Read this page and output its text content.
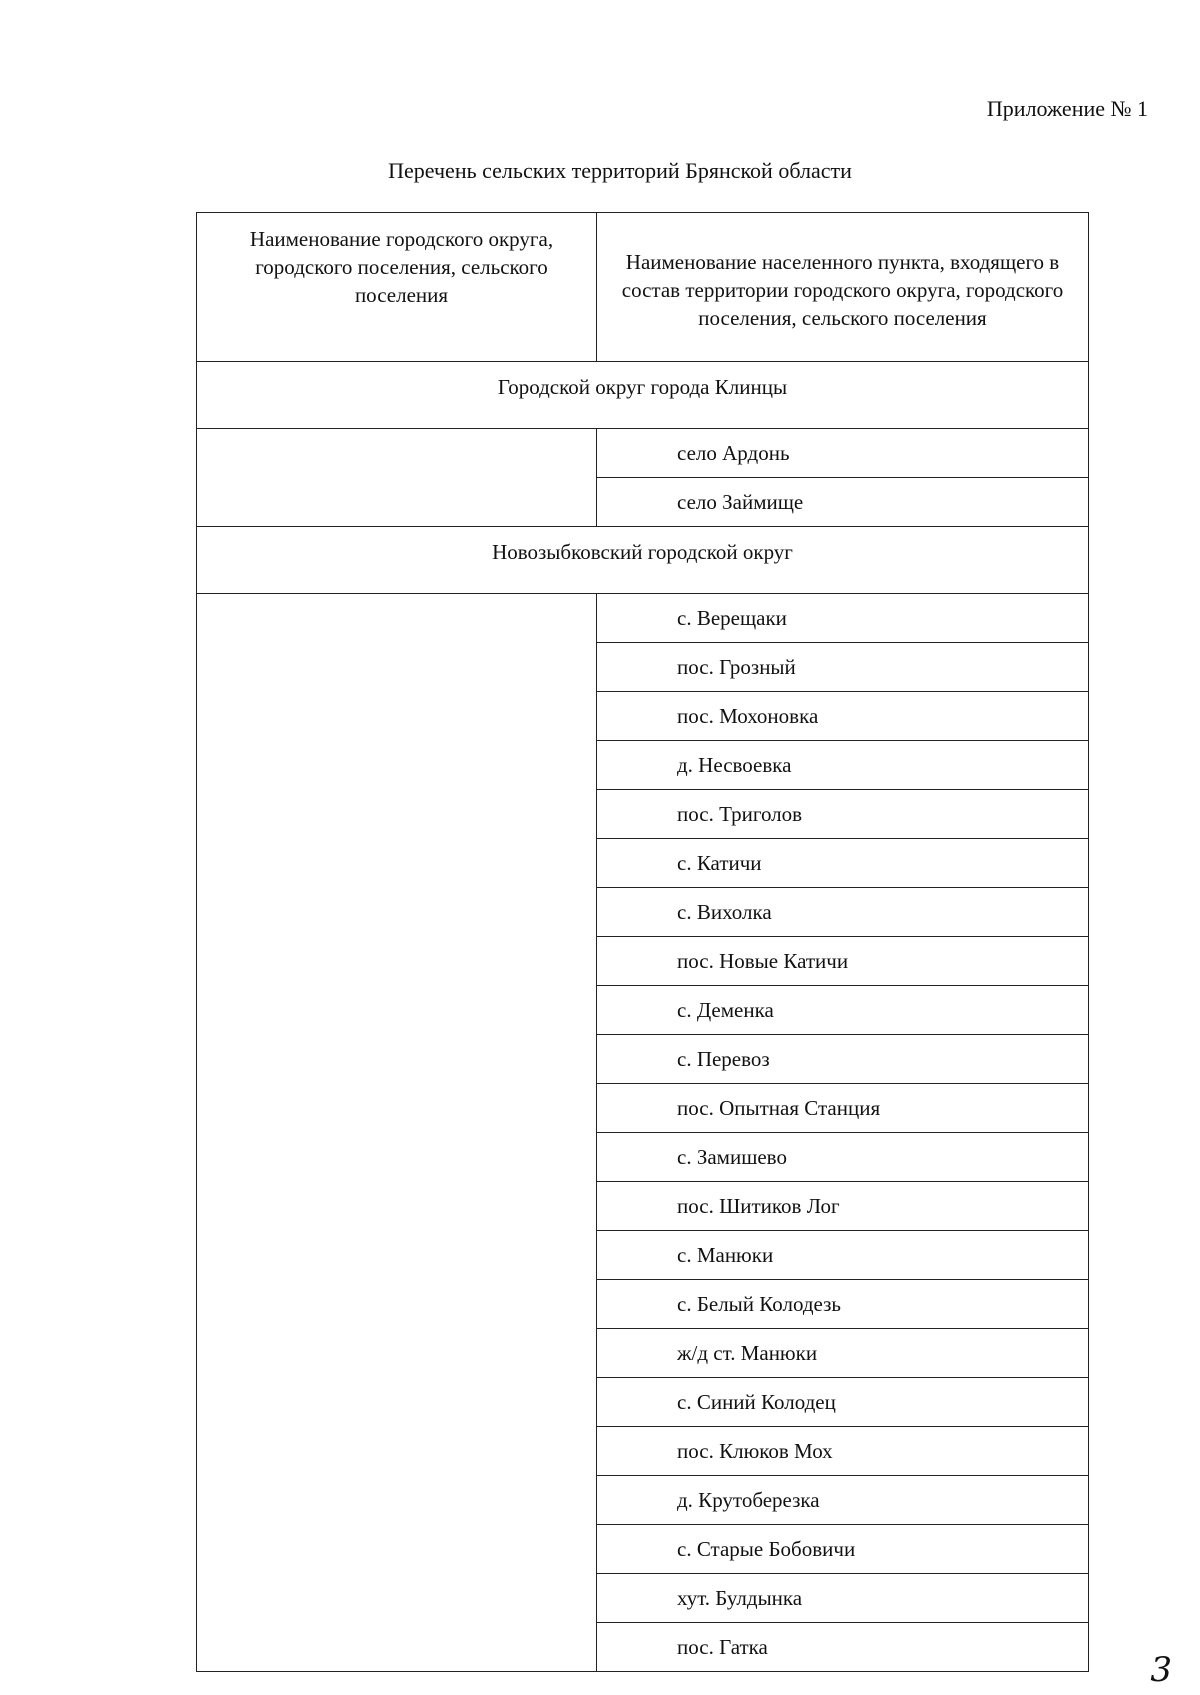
Приложение № 1
Перечень сельских территорий Брянской области
Наименование городского округа, городского поселения, сельского поселения	Наименование населенного пункта, входящего в состав территории городского округа, городского поселения, сельского поселения
Городской округ города Клинцы	
	село Ардонь
	село Займище
Новозыбковский городской округ	
	с. Верещаки
	пос. Грозный
	пос. Мохоновка
	д. Несвоевка
	пос. Триголов
	с. Катичи
	с. Вихолка
	пос. Новые Катичи
	с. Деменка
	с. Перевоз
	пос. Опытная Станция
	с. Замишево
	пос. Шитиков Лог
	с. Манюки
	с. Белый Колодезь
	ж/д ст. Манюки
	с. Синий Колодец
	пос. Клюков Мох
	д. Крутоберезка
	с. Старые Бобовичи
	хут. Булдынка
	пос. Гатка
3
